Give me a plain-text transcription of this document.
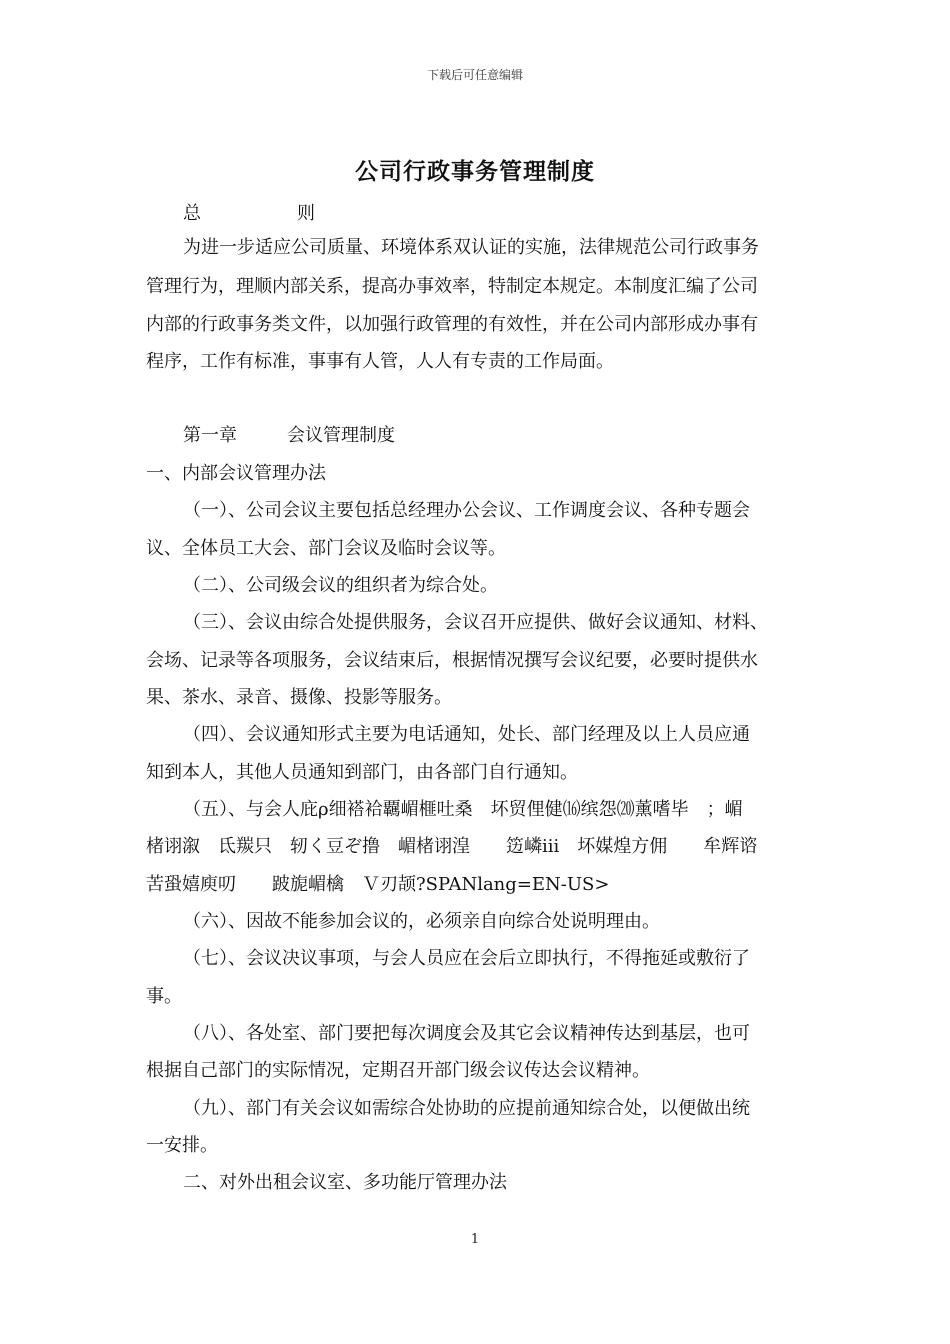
下载后可任意编辑
公司行政事务管理制度
总	则
为进一步适应公司质量、环境体系双认证的实施，法律规范公司行政事务
管理行为，理顺内部关系，提高办事效率，特制定本规定。本制度汇编了公司
内部的行政事务类文件，以加强行政管理的有效性，并在公司内部形成办事有
程序，工作有标准，事事有人管，人人有专责的工作局面。
第一章	会议管理制度
一、内部会议管理办法
（一）、公司会议主要包括总经理办公会议、工作调度会议、各种专题会
议、全体员工大会、部门会议及临时会议等。
（二）、公司级会议的组织者为综合处。
（三）、会议由综合处提供服务，会议召开应提供、做好会议通知、材料、
会场、记录等各项服务，会议结束后，根据情况撰写会议纪要，必要时提供水
果、茶水、录音、摄像、投影等服务。
（四）、会议通知形式主要为电话通知，处长、部门经理及以上人员应通
知到本人，其他人员通知到部门，由各部门自行通知。
（五）、与会人庇ρ细褡袷覊嵋榧吐桑　坏贸俚健⒃缤怨⒇薰嗜毕　；嵋
楮诩溆　氐羰只　轫く豆ぞ撸　嵋楮诩湟　　笾嶙ⅲ　坏媒煌方佣　　牟辉谘
苦蛩嬉庾叨　　跛旎嵋檎　Ｖ刃颉?SPANlang=EN-US>
（六）、因故不能参加会议的，必须亲自向综合处说明理由。
（七）、会议决议事项，与会人员应在会后立即执行，不得拖延或敷衍了
事。
（八）、各处室、部门要把每次调度会及其它会议精神传达到基层，也可
根据自己部门的实际情况，定期召开部门级会议传达会议精神。
（九）、部门有关会议如需综合处协助的应提前通知综合处，以便做出统
一安排。
二、对外出租会议室、多功能厅管理办法
1
